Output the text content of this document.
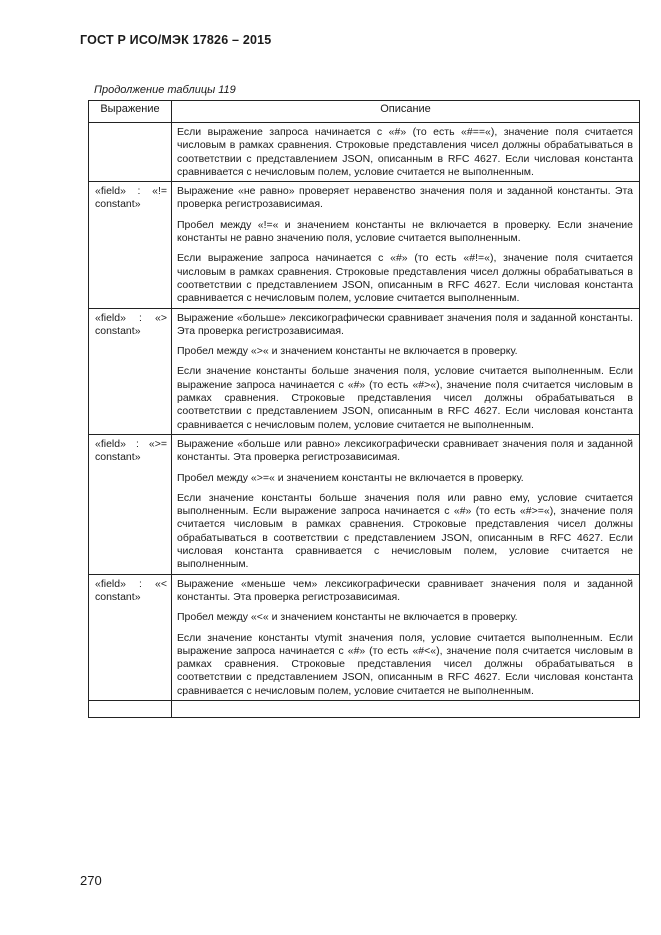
ГОСТ Р ИСО/МЭК 17826 – 2015
Продолжение таблицы 119
Выражение	Описание

	Если выражение запроса начинается с «#» (то есть «#==«), значение поля считается числовым в рамках сравнения. Строковые представления чисел должны обрабатываться в соответствии с представлением JSON, описанным в RFC 4627. Если числовая константа сравнивается с нечисловым полем, условие считается не выполненным.

«field» : «!= constant»	Выражение «не равно» проверяет неравенство значения поля и заданной константы. Эта проверка регистрозависимая.

Пробел между «!=« и значением константы не включается в проверку. Если значение константы не равно значению поля, условие считается выполненным.

Если выражение запроса начинается с «#» (то есть «#!=«), значение поля считается числовым в рамках сравнения. Строковые представления чисел должны обрабатываться в соответствии с представлением JSON, описанным в RFC 4627. Если числовая константа сравнивается с нечисловым полем, условие считается выполненным.

«field» : «> constant»	Выражение «больше» лексикографически сравнивает значения поля и заданной константы. Эта проверка регистрозависимая.

Пробел между «>« и значением константы не включается в проверку.

Если значение константы больше значения поля, условие считается выполненным. Если выражение запроса начинается с «#» (то есть «#>«), значение поля считается числовым в рамках сравнения. Строковые представления чисел должны обрабатываться в соответствии с представлением JSON, описанным в RFC 4627. Если числовая константа сравнивается с нечисловым полем, условие считается не выполненным.

«field» : «>= constant»	Выражение «больше или равно» лексикографически сравнивает значения поля и заданной константы. Эта проверка регистрозависимая.

Пробел между «>=« и значением константы не включается в проверку.

Если значение константы больше значения поля или равно ему, условие считается выполненным. Если выражение запроса начинается с «#» (то есть «#>=«), значение поля считается числовым в рамках сравнения. Строковые представления чисел должны обрабатываться в соответствии с представлением JSON, описанным в RFC 4627. Если числовая константа сравнивается с нечисловым полем, условие считается не выполненным.

«field» : «< constant»	Выражение «меньше чем» лексикографически сравнивает значения поля и заданной константы. Эта проверка регистрозависимая.

Пробел между «<« и значением константы не включается в проверку.

Если значение константы vtymit значения поля, условие считается выполненным. Если выражение запроса начинается с «#» (то есть «#<«), значение поля считается числовым в рамках сравнения. Строковые представления чисел должны обрабатываться в соответствии с представлением JSON, описанным в RFC 4627. Если числовая константа сравнивается с нечисловым полем, условие считается не выполненным.

270
